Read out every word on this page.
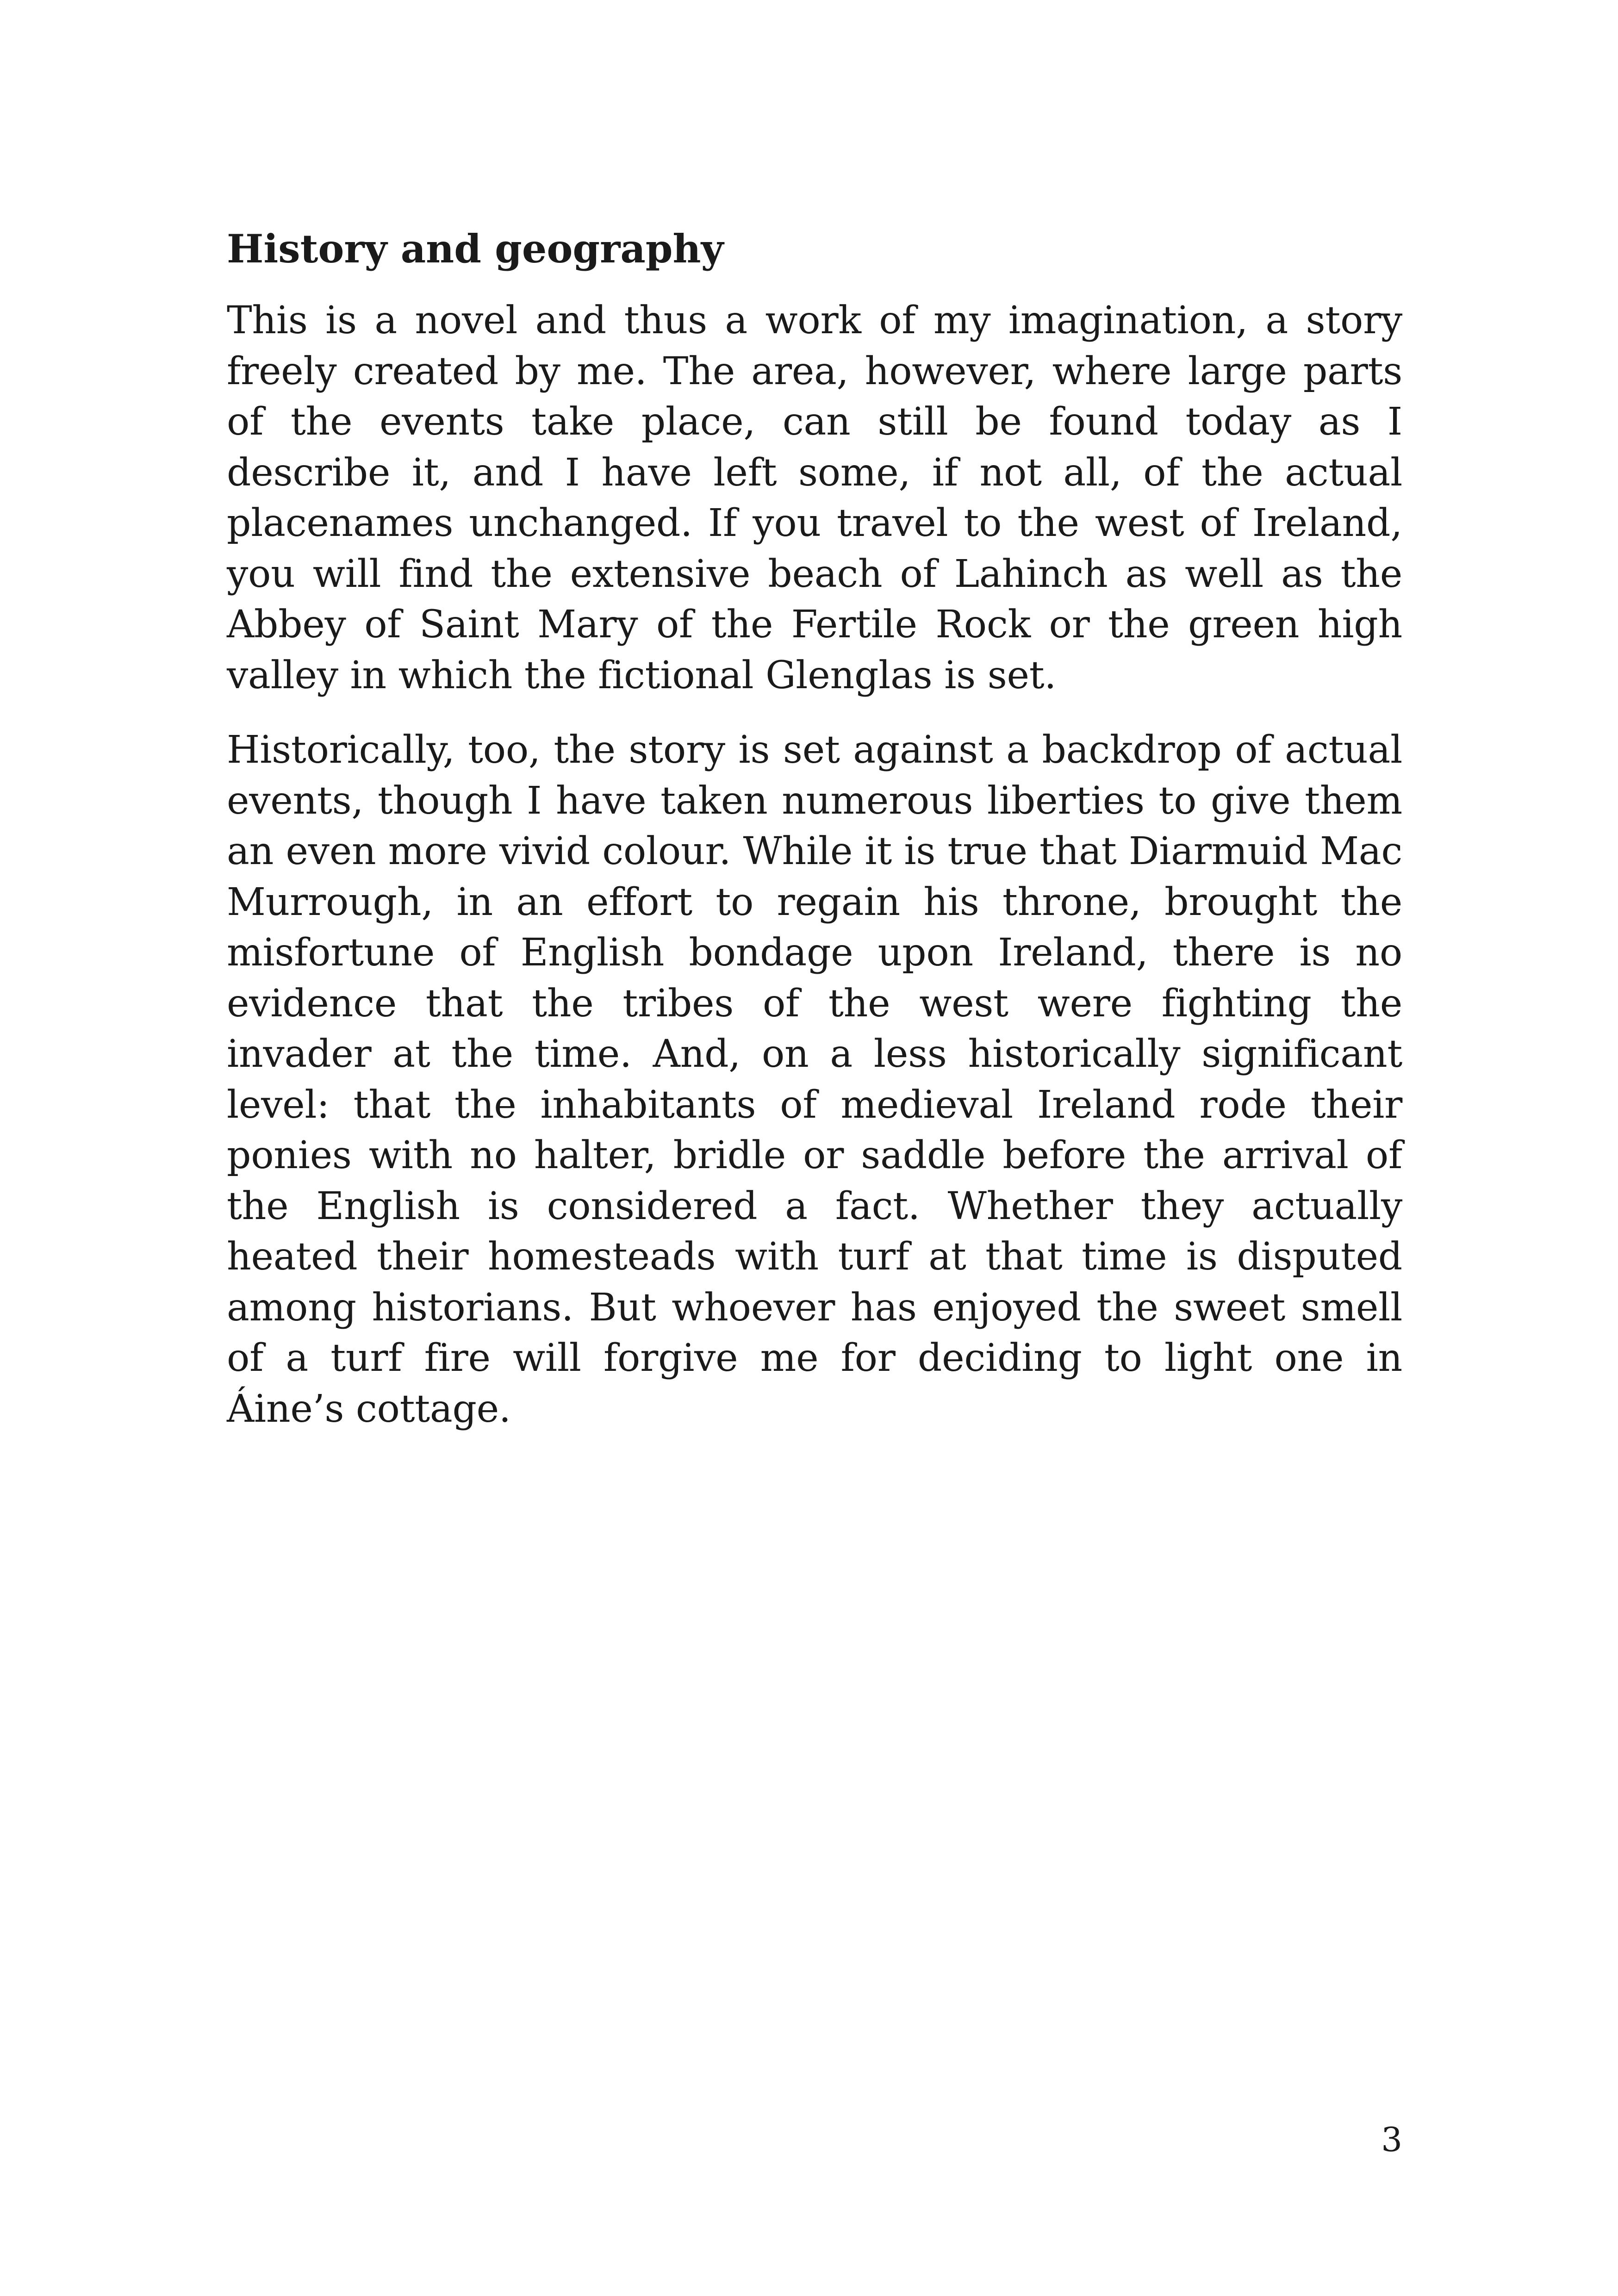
History and geography

This is a novel and thus a work of my imagination, a story freely created by me. The area, however, where large parts of the events take place, can still be found today as I describe it, and I have left some, if not all, of the actual placenames unchanged. If you travel to the west of Ireland, you will find the extensive beach of Lahinch as well as the Abbey of Saint Mary of the Fertile Rock or the green high valley in which the fictional Glenglas is set.

Historically, too, the story is set against a backdrop of actual events, though I have taken numerous liberties to give them an even more vivid colour. While it is true that Diarmuid Mac Murrough, in an effort to regain his throne, brought the misfortune of English bondage upon Ireland, there is no evidence that the tribes of the west were fighting the invader at the time. And, on a less historically significant level: that the inhabitants of medieval Ireland rode their ponies with no halter, bridle or saddle before the arrival of the English is considered a fact. Whether they actually heated their homesteads with turf at that time is disputed among historians. But whoever has enjoyed the sweet smell of a turf fire will forgive me for deciding to light one in Áine’s cottage.

3
